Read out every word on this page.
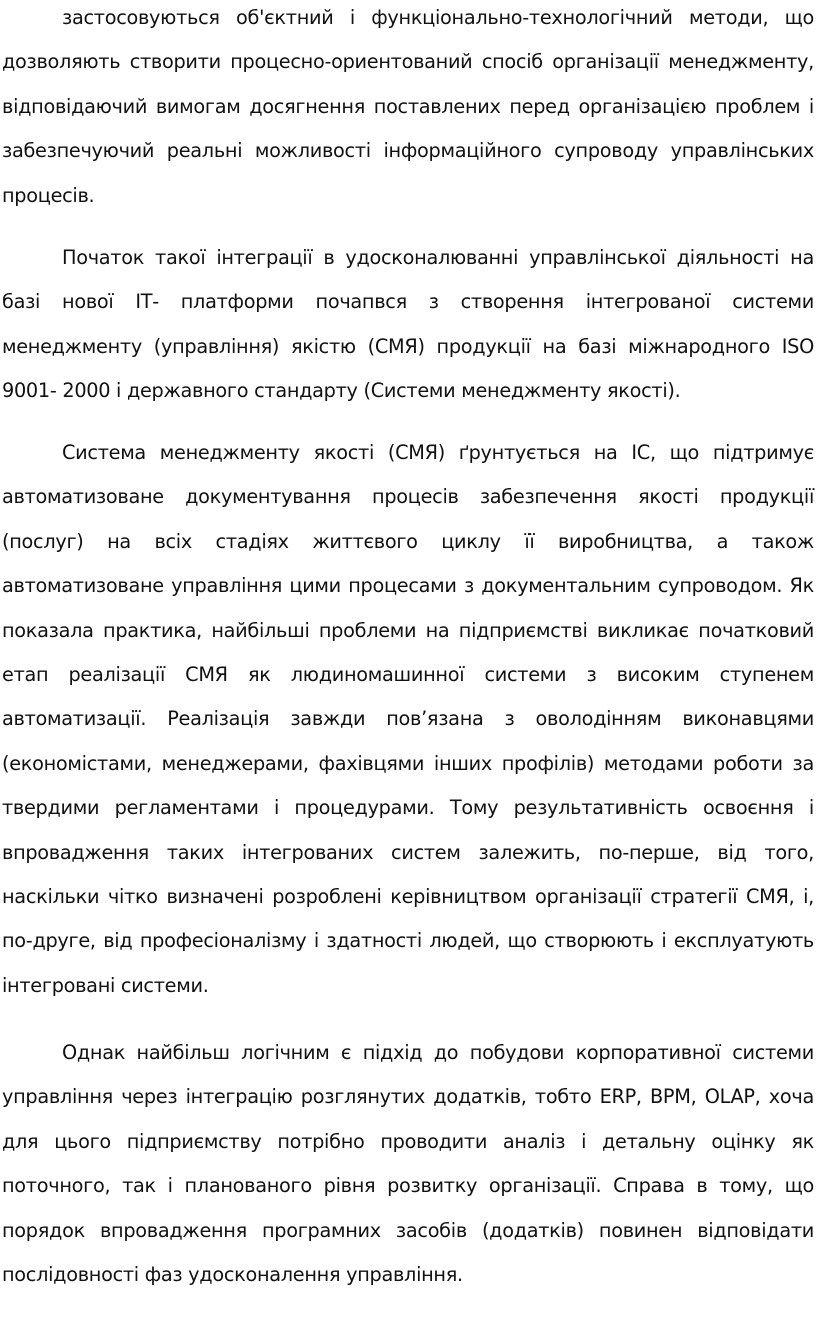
застосовуються об'єктний і функціонально-технологічний методи, що дозволяють створити процесно-ориентований спосіб організації менеджменту, відповідаючий вимогам досягнення поставлених перед організацією проблем і забезпечуючий реальні можливості інформаційного супроводу управлінських процесів.

Початок такої інтеграції в удосконалюванні управлінської діяльності на базі нової ІТ- платформи почапвся з створення інтегрованої системи менеджменту (управління) якістю (СМЯ) продукції на базі міжнародного ISO 9001- 2000 і державного стандарту (Системи менеджменту якості).

Система менеджменту якості (СМЯ) ґрунтується на ІС, що підтримує автоматизоване документування процесів забезпечення якості продукції (послуг) на всіх стадіях життєвого циклу її виробництва, а також автоматизоване управління цими процесами з документальним супроводом. Як показала практика, найбільші проблеми на підприємстві викликає початковий етап реалізації СМЯ як людиномашинної системи з високим ступенем автоматизації. Реалізація завжди пов’язана з оволодінням виконавцями (економістами, менеджерами, фахівцями інших профілів) методами роботи за твердими регламентами і процедурами. Тому результативність освоєння і впровадження таких інтегрованих систем залежить, по-перше, від того, наскільки чітко визначені розроблені керівництвом організації стратегії СМЯ, і, по-друге, від професіоналізму і здатності людей, що створюють і експлуатують інтегровані системи.

Однак найбільш логічним є підхід до побудови корпоративної системи управління через інтеграцію розглянутих додатків, тобто ERP, BPM, OLAP, хоча для цього підприємству потрібно проводити аналіз і детальну оцінку як поточного, так і планованого рівня розвитку організації. Справа в тому, що порядок впровадження програмних засобів (додатків) повинен відповідати послідовності фаз удосконалення управління.
